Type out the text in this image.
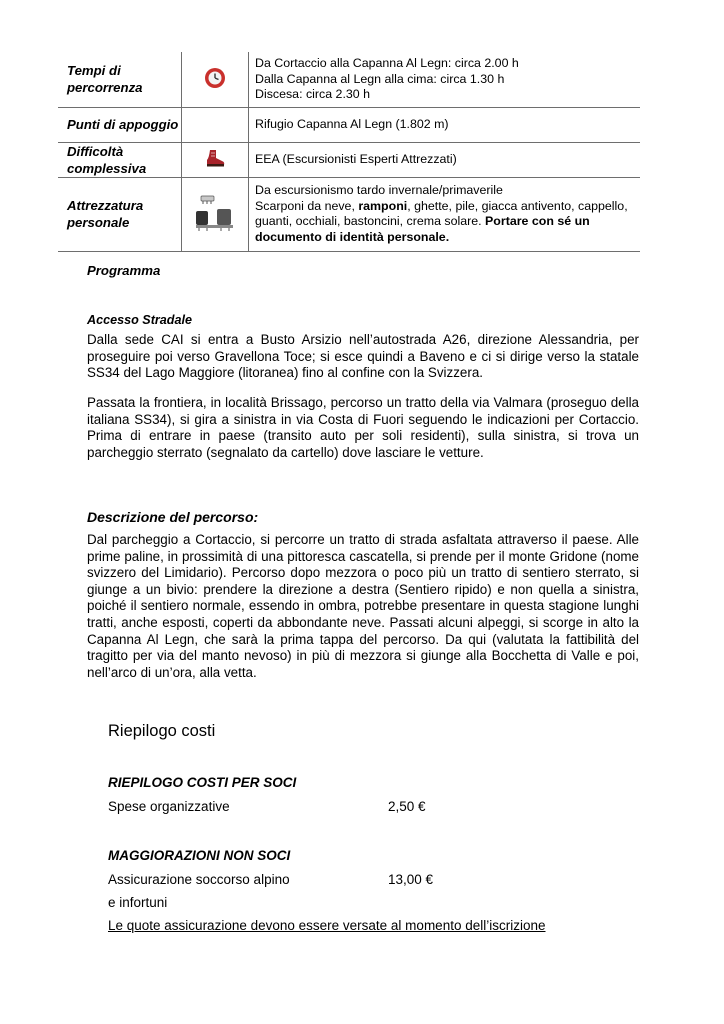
Tempi di percorrenza		Da Cortaccio alla Capanna Al Legn: circa 2.00 h
Dalla Capanna al Legn alla cima: circa 1.30 h
Discesa: circa 2.30 h

Punti di appoggio		Rifugio Capanna Al Legn (1.802 m)
Difficoltà complessiva		EEA (Escursionisti Esperti Attrezzati)
Attrezzatura personale		Da escursionismo tardo invernale/primaverile
Scarponi da neve, ramponi, ghette, pile, giacca antivento, cappello, guanti, occhiali, bastoncini, crema solare. Portare con sé un documento di identità personale.

Programma

Accesso Stradale

Dalla sede CAI si entra a Busto Arsizio nell’autostrada A26, direzione Alessandria, per proseguire poi verso Gravellona Toce; si esce quindi a Baveno e ci si dirige verso la statale SS34 del Lago Maggiore (litoranea) fino al confine con la Svizzera.

Passata la frontiera, in località Brissago, percorso un tratto della via Valmara (proseguo della italiana SS34), si gira a sinistra in via Costa di Fuori seguendo le indicazioni per Cortaccio. Prima di entrare in paese (transito auto per soli residenti), sulla sinistra, si trova un parcheggio sterrato (segnalato da cartello) dove lasciare le vetture.

Descrizione del percorso:

Dal parcheggio a Cortaccio, si percorre un tratto di strada asfaltata attraverso il paese. Alle prime paline, in prossimità di una pittoresca cascatella, si prende per il monte Gridone (nome svizzero del Limidario). Percorso dopo mezzora o poco più un tratto di sentiero sterrato, si giunge a un bivio: prendere la direzione a destra (Sentiero ripido) e non quella a sinistra, poiché il sentiero normale, essendo in ombra, potrebbe presentare in questa stagione lunghi tratti, anche esposti, coperti da abbondante neve. Passati alcuni alpeggi, si scorge in alto la Capanna Al Legn, che sarà la prima tappa del percorso. Da qui (valutata la fattibilità del tragitto per via del manto nevoso) in più di mezzora si giunge alla Bocchetta di Valle e poi, nell’arco di un’ora, alla vetta.

Riepilogo costi

RIEPILOGO COSTI PER SOCI

Spese organizzative	2,50 €

MAGGIORAZIONI NON SOCI

Assicurazione soccorso alpino	13,00 €

e infortuni

Le quote assicurazione devono essere versate al momento dell’iscrizione
